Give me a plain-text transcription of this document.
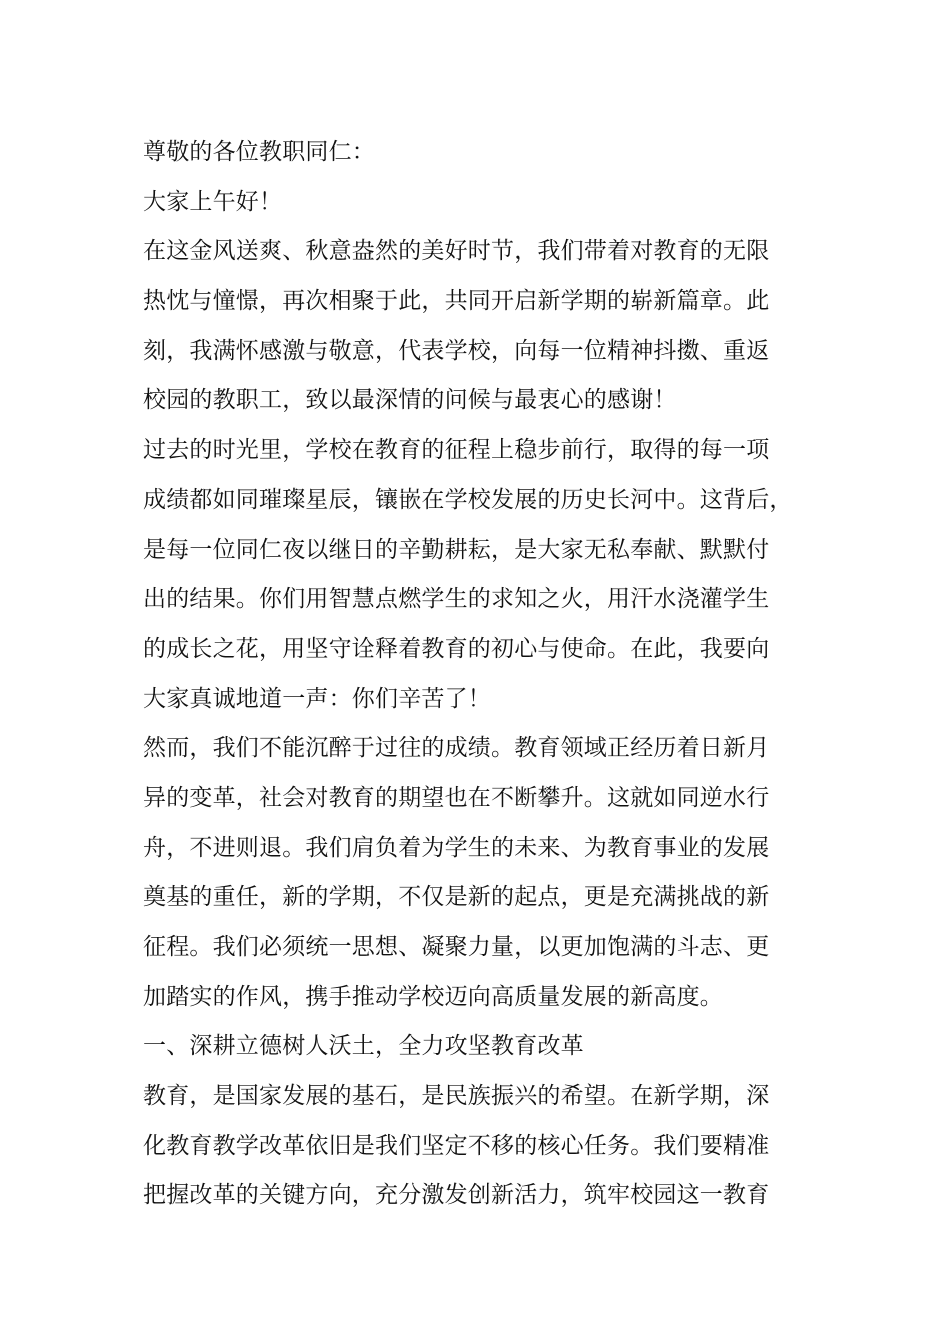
尊敬的各位教职同仁：
大家上午好！
在这金风送爽、秋意盎然的美好时节，我们带着对教育的无限
热忱与憧憬，再次相聚于此，共同开启新学期的崭新篇章。此
刻，我满怀感激与敬意，代表学校，向每一位精神抖擞、重返
校园的教职工，致以最深情的问候与最衷心的感谢！
过去的时光里，学校在教育的征程上稳步前行，取得的每一项
成绩都如同璀璨星辰，镶嵌在学校发展的历史长河中。这背后，
是每一位同仁夜以继日的辛勤耕耘，是大家无私奉献、默默付
出的结果。你们用智慧点燃学生的求知之火，用汗水浇灌学生
的成长之花，用坚守诠释着教育的初心与使命。在此，我要向
大家真诚地道一声：你们辛苦了！
然而，我们不能沉醉于过往的成绩。教育领域正经历着日新月
异的变革，社会对教育的期望也在不断攀升。这就如同逆水行
舟，不进则退。我们肩负着为学生的未来、为教育事业的发展
奠基的重任，新的学期，不仅是新的起点，更是充满挑战的新
征程。我们必须统一思想、凝聚力量，以更加饱满的斗志、更
加踏实的作风，携手推动学校迈向高质量发展的新高度。
一、深耕立德树人沃土，全力攻坚教育改革
教育，是国家发展的基石，是民族振兴的希望。在新学期，深
化教育教学改革依旧是我们坚定不移的核心任务。我们要精准
把握改革的关键方向，充分激发创新活力，筑牢校园这一教育
